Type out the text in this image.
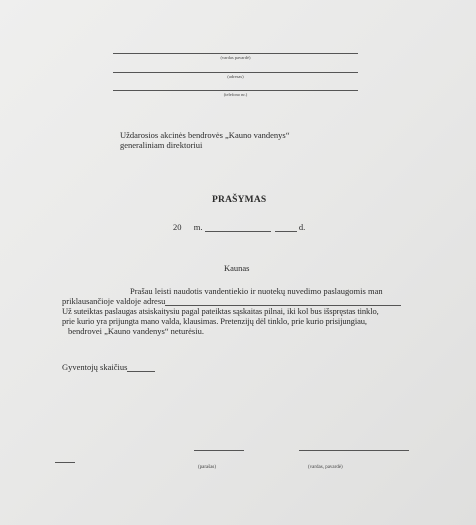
(vardas pavardė)
(adresas)
(telefono nr.)
Uždarosios akcinės bendrovės „Kauno vandenys“
generaliniam direktoriui
PRAŠYMAS
20 m.	d.
Kaunas
Prašau leisti naudotis vandentiekio ir nuotekų nuvedimo paslaugomis man
priklausančioje valdoje adresu
Už suteiktas paslaugas atsiskaitysiu pagal pateiktas sąskaitas pilnai, iki kol bus išspręstas tinklo,
prie kurio yra prijungta mano valda, klausimas. Pretenzijų dėl tinklo, prie kurio prisijungiau,
bendrovei „Kauno vandenys“ neturėsiu.
Gyventojų skaičius
(parašas)	(vardas, pavardė)
